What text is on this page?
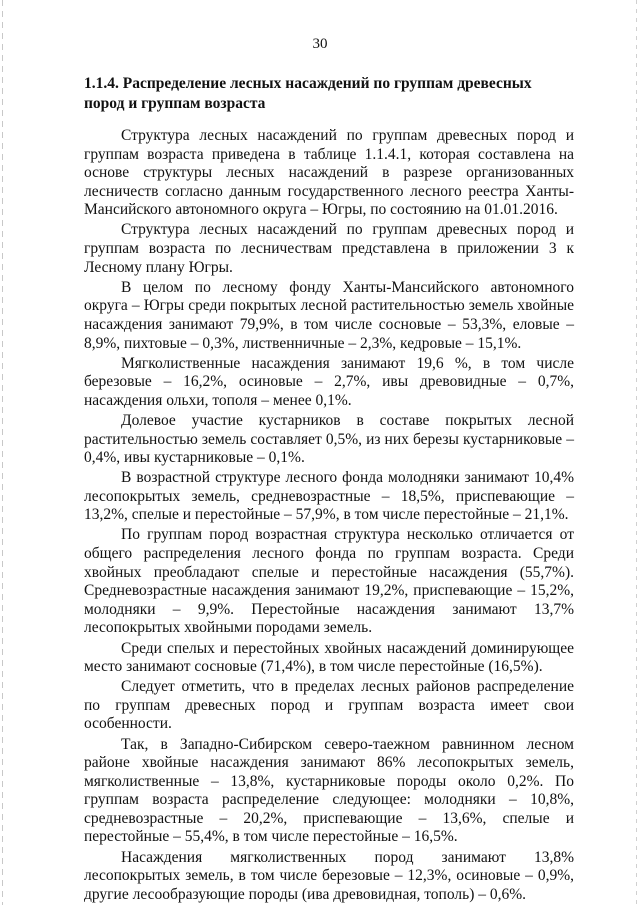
30
1.1.4. Распределение лесных насаждений по группам древесных пород и группам возраста

Структура лесных насаждений по группам древесных пород и группам возраста приведена в таблице 1.1.4.1, которая составлена на основе структуры лесных насаждений в разрезе организованных лесничеств согласно данным государственного лесного реестра Ханты-Мансийского автономного округа – Югры, по состоянию на 01.01.2016.

Структура лесных насаждений по группам древесных пород и группам возраста по лесничествам представлена в приложении 3 к Лесному плану Югры.

В целом по лесному фонду Ханты-Мансийского автономного округа – Югры среди покрытых лесной растительностью земель хвойные насаждения занимают 79,9%, в том числе сосновые – 53,3%, еловые – 8,9%, пихтовые – 0,3%, лиственничные – 2,3%, кедровые – 15,1%.

Мягколиственные насаждения занимают 19,6 %, в том числе березовые – 16,2%, осиновые – 2,7%, ивы древовидные – 0,7%, насаждения ольхи, тополя – менее 0,1%.

Долевое участие кустарников в составе покрытых лесной растительностью земель составляет 0,5%, из них березы кустарниковые – 0,4%, ивы кустарниковые – 0,1%.

В возрастной структуре лесного фонда молодняки занимают 10,4% лесопокрытых земель, средневозрастные – 18,5%, приспевающие – 13,2%, спелые и перестойные – 57,9%, в том числе перестойные – 21,1%.

По группам пород возрастная структура несколько отличается от общего распределения лесного фонда по группам возраста. Среди хвойных преобладают спелые и перестойные насаждения (55,7%). Средневозрастные насаждения занимают 19,2%, приспевающие – 15,2%, молодняки – 9,9%. Перестойные насаждения занимают 13,7% лесопокрытых хвойными породами земель.

Среди спелых и перестойных хвойных насаждений доминирующее место занимают сосновые (71,4%), в том числе перестойные (16,5%).

Следует отметить, что в пределах лесных районов распределение по группам древесных пород и группам возраста имеет свои особенности.

Так, в Западно-Сибирском северо-таежном равнинном лесном районе хвойные насаждения занимают 86% лесопокрытых земель, мягколиственные – 13,8%, кустарниковые породы около 0,2%. По группам возраста распределение следующее: молодняки – 10,8%, средневозрастные – 20,2%, приспевающие – 13,6%, спелые и перестойные – 55,4%, в том числе перестойные – 16,5%.

Насаждения мягколиственных пород занимают 13,8% лесопокрытых земель, в том числе березовые – 12,3%, осиновые – 0,9%, другие лесообразующие породы (ива древовидная, тополь) – 0,6%.
